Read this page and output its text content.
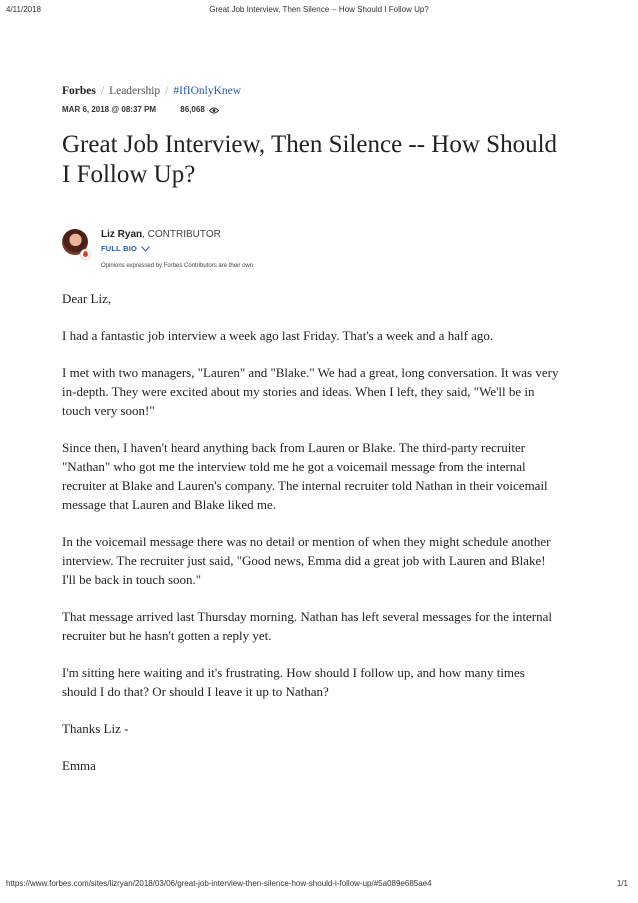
4/11/2018	Great Job Interview, Then Silence -- How Should I Follow Up?
Forbes / Leadership / #IfIOnlyKnew
MAR 6, 2018 @ 08:37 PM	86,068
Great Job Interview, Then Silence -- How Should I Follow Up?
Liz Ryan, CONTRIBUTOR
FULL BIO
Opinions expressed by Forbes Contributors are their own.

Dear Liz,

I had a fantastic job interview a week ago last Friday. That's a week and a half ago.

I met with two managers, "Lauren" and "Blake." We had a great, long conversation. It was very in-depth. They were excited about my stories and ideas. When I left, they said, "We'll be in touch very soon!"

Since then, I haven't heard anything back from Lauren or Blake. The third-party recruiter "Nathan" who got me the interview told me he got a voicemail message from the internal recruiter at Blake and Lauren's company. The internal recruiter told Nathan in their voicemail message that Lauren and Blake liked me.

In the voicemail message there was no detail or mention of when they might schedule another interview. The recruiter just said, "Good news, Emma did a great job with Lauren and Blake! I'll be back in touch soon."

That message arrived last Thursday morning. Nathan has left several messages for the internal recruiter but he hasn't gotten a reply yet.

I'm sitting here waiting and it's frustrating. How should I follow up, and how many times should I do that? Or should I leave it up to Nathan?

Thanks Liz -

Emma

https://www.forbes.com/sites/lizryan/2018/03/06/great-job-interview-then-silence-how-should-i-follow-up/#5a089e685ae4	1/1
